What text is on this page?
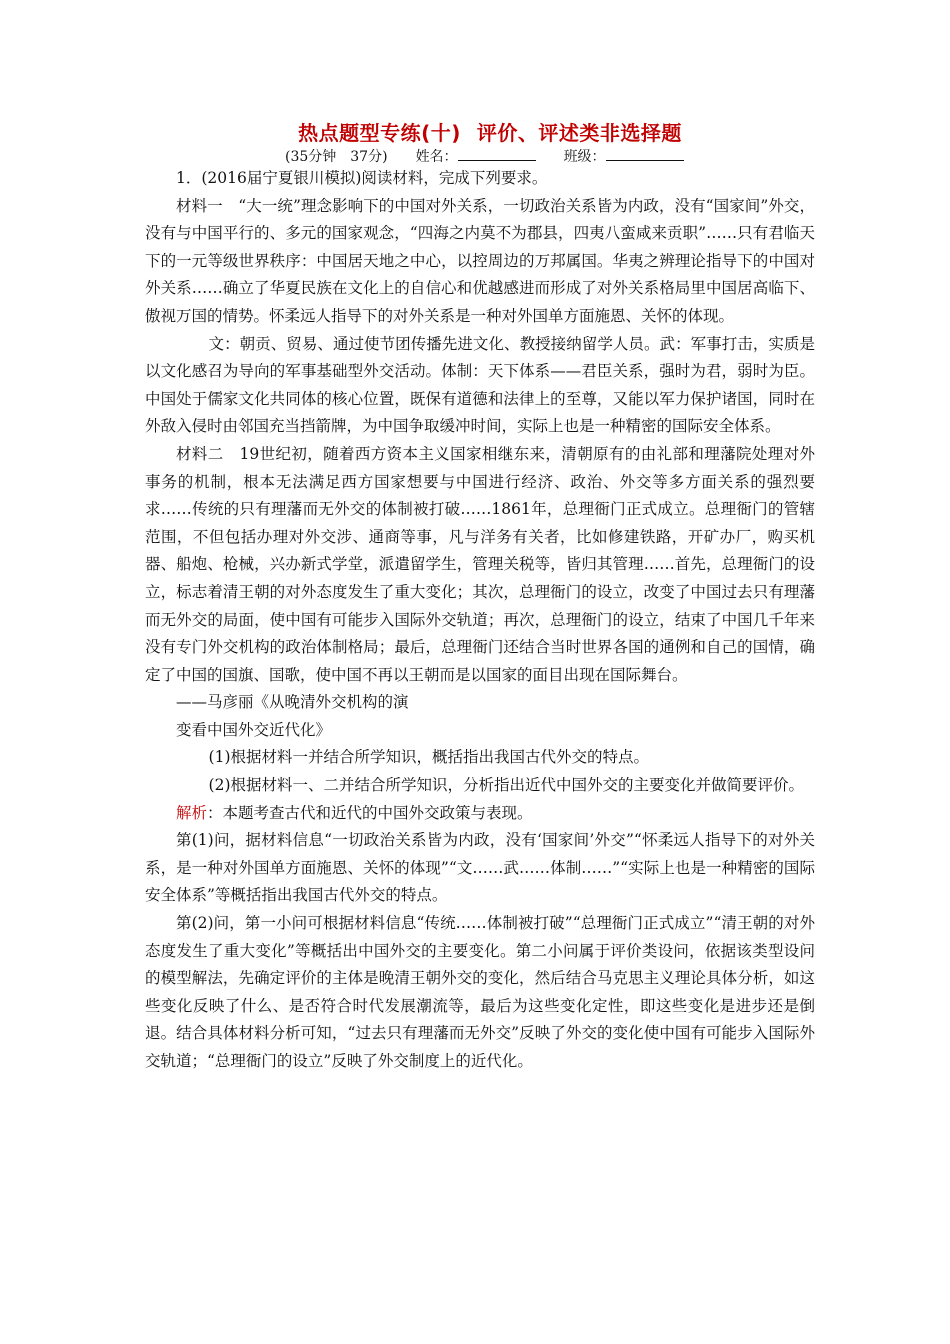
热点题型专练(十) 评价、评述类非选择题
(35分钟　37分) 姓名：	班级：

1．(2016届宁夏银川模拟)阅读材料，完成下列要求。

材料一　“大一统”理念影响下的中国对外关系，一切政治关系皆为内政，没有“国家间”外交，没有与中国平行的、多元的国家观念，“四海之内莫不为郡县，四夷八蛮咸来贡职”……只有君临天下的一元等级世界秩序：中国居天地之中心，以控周边的万邦属国。华夷之辨理论指导下的中国对外关系……确立了华夏民族在文化上的自信心和优越感进而形成了对外关系格局里中国居高临下、傲视万国的情势。怀柔远人指导下的对外关系是一种对外国单方面施恩、关怀的体现。

文：朝贡、贸易、通过使节团传播先进文化、教授接纳留学人员。武：军事打击，实质是以文化感召为导向的军事基础型外交活动。体制：天下体系——君臣关系，强时为君，弱时为臣。中国处于儒家文化共同体的核心位置，既保有道德和法律上的至尊，又能以军力保护诸国，同时在外敌入侵时由邻国充当挡箭牌，为中国争取缓冲时间，实际上也是一种精密的国际安全体系。

材料二　19世纪初，随着西方资本主义国家相继东来，清朝原有的由礼部和理藩院处理对外事务的机制，根本无法满足西方国家想要与中国进行经济、政治、外交等多方面关系的强烈要求……传统的只有理藩而无外交的体制被打破……1861年，总理衙门正式成立。总理衙门的管辖范围，不但包括办理对外交涉、通商等事，凡与洋务有关者，比如修建铁路，开矿办厂，购买机器、船炮、枪械，兴办新式学堂，派遣留学生，管理关税等，皆归其管理……首先，总理衙门的设立，标志着清王朝的对外态度发生了重大变化；其次，总理衙门的设立，改变了中国过去只有理藩而无外交的局面，使中国有可能步入国际外交轨道；再次，总理衙门的设立，结束了中国几千年来没有专门外交机构的政治体制格局；最后，总理衙门还结合当时世界各国的通例和自己的国情，确定了中国的国旗、国歌，使中国不再以王朝而是以国家的面目出现在国际舞台。

——马彦丽《从晚清外交机构的演

变看中国外交近代化》

(1)根据材料一并结合所学知识，概括指出我国古代外交的特点。

(2)根据材料一、二并结合所学知识，分析指出近代中国外交的主要变化并做简要评价。

解析：本题考查古代和近代的中国外交政策与表现。

第(1)问，据材料信息“一切政治关系皆为内政，没有‘国家间’外交”“怀柔远人指导下的对外关系，是一种对外国单方面施恩、关怀的体现”“文……武……体制……”“实际上也是一种精密的国际安全体系”等概括指出我国古代外交的特点。

第(2)问，第一小问可根据材料信息“传统……体制被打破”“总理衙门正式成立”“清王朝的对外态度发生了重大变化”等概括出中国外交的主要变化。第二小问属于评价类设问，依据该类型设问的模型解法，先确定评价的主体是晚清王朝外交的变化，然后结合马克思主义理论具体分析，如这些变化反映了什么、是否符合时代发展潮流等，最后为这些变化定性，即这些变化是进步还是倒退。结合具体材料分析可知，“过去只有理藩而无外交”反映了外交的变化使中国有可能步入国际外交轨道；“总理衙门的设立”反映了外交制度上的近代化。
